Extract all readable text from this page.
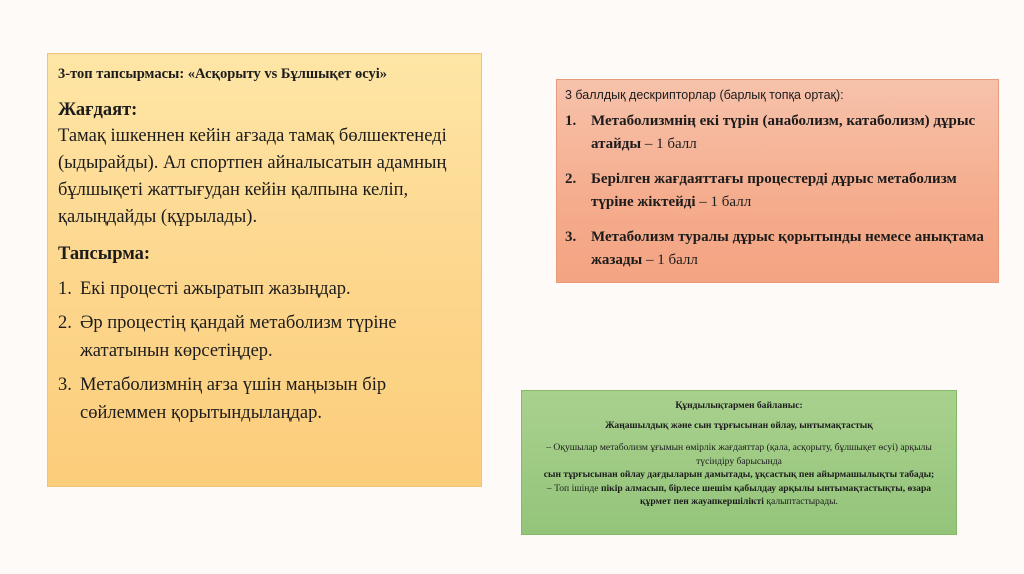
3-топ тапсырмасы: «Асқорыту vs Бұлшықет өсуі»

Жағдаят:

Тамақ ішкеннен кейін ағзада тамақ бөлшектенеді (ыдырайды). Ал спортпен айналысатын адамның бұлшықеті жаттығудан кейін қалпына келіп, қалыңдайды (құрылады).

Тапсырма:

1. Екі процесті ажыратып жазыңдар.
2. Әр процестің қандай метаболизм түріне жататынын көрсетіңдер.
3. Метаболизмнің ағза үшін маңызын бір сөйлеммен қорытындылаңдар.

3 баллдық дескрипторлар (барлық топқа ортақ):

1. Метаболизмнің екі түрін (анаболизм, катаболизм) дұрыс атайды – 1 балл
2. Берілген жағдаяттағы процестерді дұрыс метаболизм түріне жіктейді – 1 балл
3. Метаболизм туралы дұрыс қорытынды немесе анықтама жазады – 1 балл

Құндылықтармен байланыс:

Жаңашылдық және сын тұрғысынан ойлау, ынтымақтастық

– Оқушылар метаболизм ұғымын өмірлік жағдаяттар (қала, асқорыту, бұлшықет өсуі) арқылы түсіндіру барысында

сын тұрғысынан ойлау дағдыларын дамытады, ұқсастық пен айырмашылықты табады;

– Топ ішінде пікір алмасып, бірлесе шешім қабылдау арқылы ынтымақтастықты, өзара құрмет пен жауапкершілікті қалыптастырады.
